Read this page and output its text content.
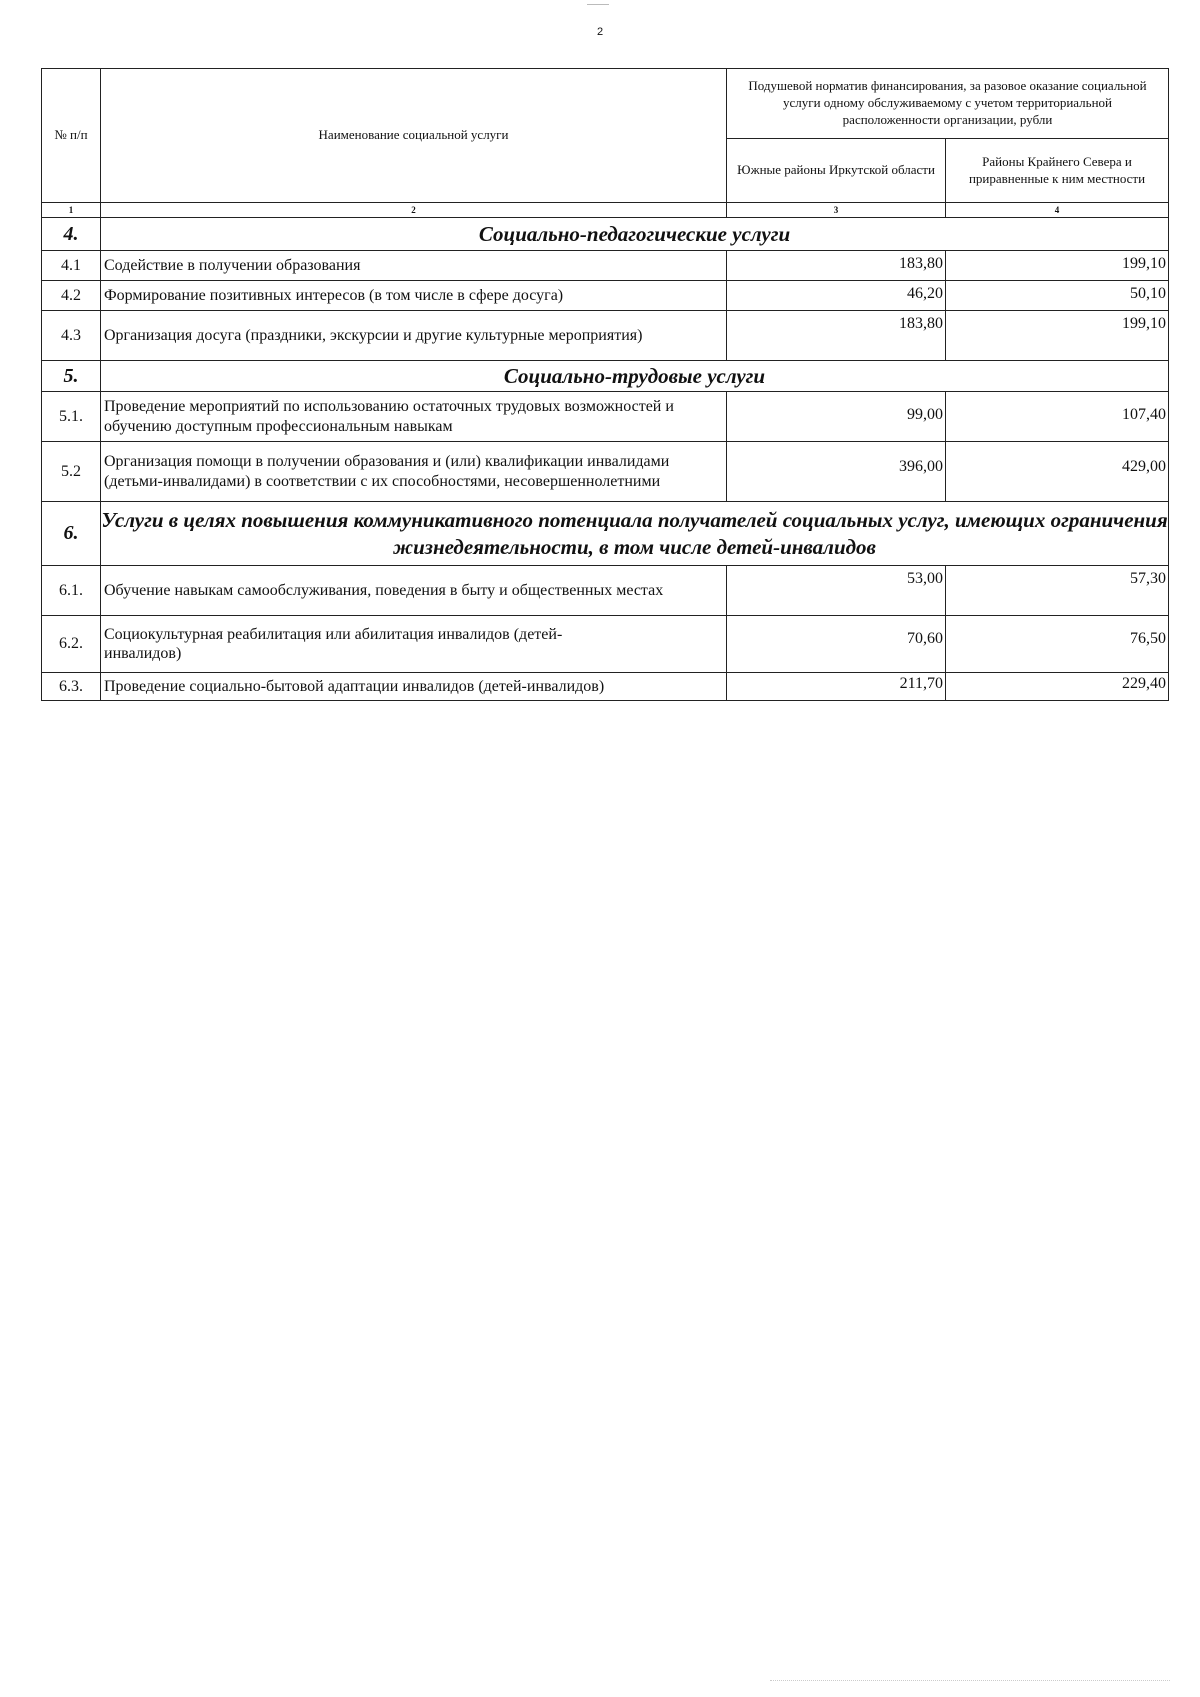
2
№ п/п	Наименование социальной услуги	Подушевой норматив финансирования, за разовое оказание социальной услуги одному обслуживаемому с учетом территориальной расположенности организации, рубли	
		Южные районы Иркутской области	Районы Крайнего Севера и приравненные к ним местности
1	2	3	4
4.	Социально-педагогические услуги		
4.1	Содействие в получении образования	183,80	199,10
4.2	Формирование позитивных интересов (в том числе в сфере досуга)	46,20	50,10
4.3	Организация досуга (праздники, экскурсии и другие культурные мероприятия)	183,80	199,10
5.	Социально-трудовые услуги		
5.1.	Проведение мероприятий по использованию остаточных трудовых возможностей и обучению доступным профессиональным навыкам	99,00	107,40
5.2	Организация помощи в получении образования и (или) квалификации инвалидами (детьми-инвалидами) в соответствии с их способностями, несовершеннолетними	396,00	429,00
6.	Услуги в целях повышения коммуникативного потенциала получателей социальных услуг, имеющих ограничения жизнедеятельности, в том числе детей-инвалидов		
6.1.	Обучение навыкам самообслуживания, поведения в быту и общественных местах	53,00	57,30
6.2.	Социокультурная реабилитация или абилитация инвалидов (детей-инвалидов)	70,60	76,50
6.3.	Проведение социально-бытовой адаптации инвалидов (детей-инвалидов)	211,70	229,40
